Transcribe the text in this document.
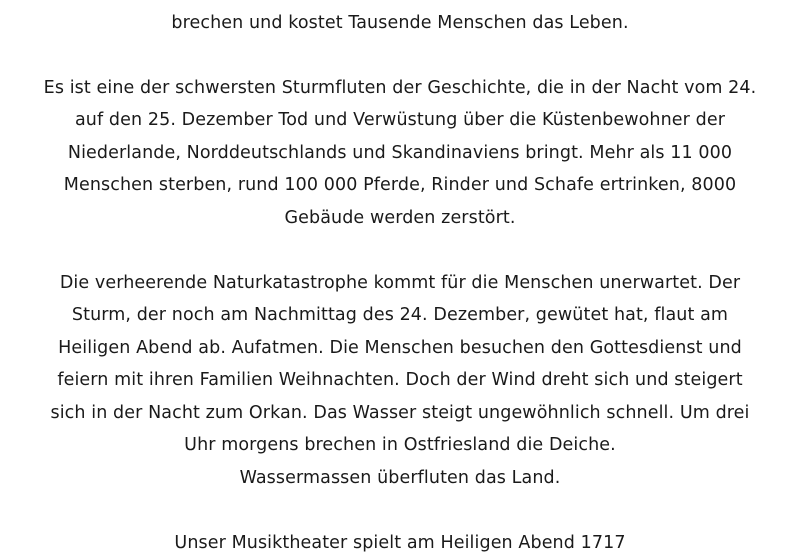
brechen und kostet Tausende Menschen das Leben.

Es ist eine der schwersten Sturmfluten der Geschichte, die in der Nacht vom 24.

auf den 25. Dezember Tod und Verwüstung über die Küstenbewohner der

Niederlande, Norddeutschlands und Skandinaviens bringt. Mehr als 11 000

Menschen sterben, rund 100 000 Pferde, Rinder und Schafe ertrinken, 8000

Gebäude werden zerstört.

Die verheerende Naturkatastrophe kommt für die Menschen unerwartet. Der

Sturm, der noch am Nachmittag des 24. Dezember, gewütet hat, flaut am

Heiligen Abend ab. Aufatmen. Die Menschen besuchen den Gottesdienst und

feiern mit ihren Familien Weihnachten. Doch der Wind dreht sich und steigert

sich in der Nacht zum Orkan. Das Wasser steigt ungewöhnlich schnell. Um drei

Uhr morgens brechen in Ostfriesland die Deiche.

Wassermassen überfluten das Land.

Unser Musiktheater spielt am Heiligen Abend 1717
